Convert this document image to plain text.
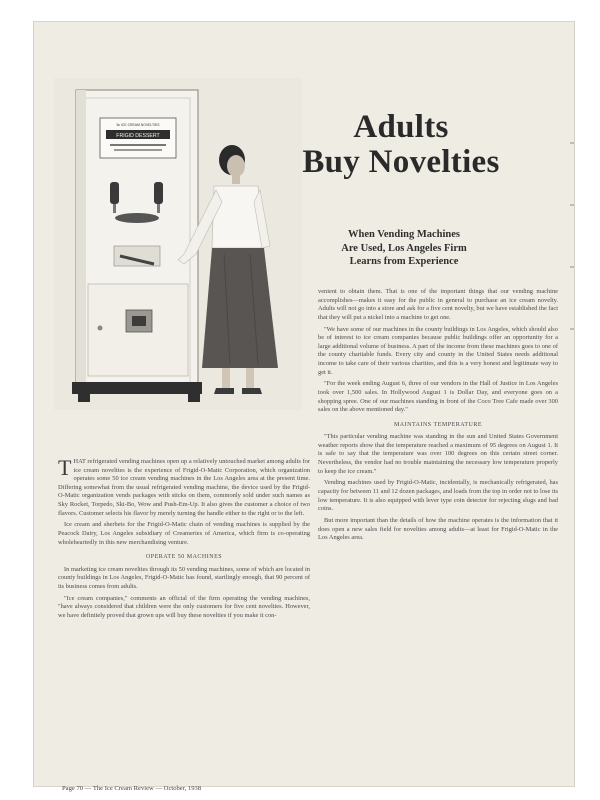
FRIGID DESSERT
5c ICE CREAM NOVELTIES	Adults
Buy Novelties
When Vending Machines
Are Used, Los Angeles Firm
Learns from Experience

THAT refrigerated vending machines open up a relatively untouched market among adults for ice cream novelties is the experience of Frigid-O-Matic Corporation, which organization operates some 50 ice cream vending machines in the Los Angeles area at the present time. Differing somewhat from the usual refrigerated vending machine, the device used by the Frigid-O-Matic organization vends packages with sticks on them, commonly sold under such names as Sky Rocket, Torpedo, Ski-Bo, Wow and Push-Em-Up. It also gives the customer a choice of two flavors. Customer selects his flavor by merely turning the handle either to the right or to the left.

Ice cream and sherbets for the Frigid-O-Matic chain of vending machines is supplied by the Peacock Dairy, Los Angeles subsidiary of Creameries of America, which firm is co-operating wholeheartedly in this new merchandising venture.

OPERATE 50 MACHINES

In marketing ice cream novelties through its 50 vending machines, some of which are located in county buildings in Los Angeles, Frigid-O-Matic has found, startlingly enough, that 90 percent of its business comes from adults.

"Ice cream companies," comments an official of the firm operating the vending machines, "have always considered that children were the only customers for five cent novelties. However, we have definitely proved that grown ups will buy these novelties if you make it con-

venient to obtain them. That is one of the important things that our vending machine accomplishes—makes it easy for the public in general to purchase an ice cream novelty. Adults will not go into a store and ask for a five cent novelty, but we have established the fact that they will put a nickel into a machine to get one.

"We have some of our machines in the county buildings in Los Angeles, which should also be of interest to ice cream companies because public buildings offer an opportunity for a large additional volume of business. A part of the income from these machines goes to one of the county charitable funds. Every city and county in the United States needs additional income to take care of their various charities, and this is a very honest and legitimate way to get it.

"For the week ending August 6, three of our vendors in the Hall of Justice in Los Angeles took over 1,500 sales. In Hollywood August 1 is Dollar Day, and everyone goes on a shopping spree. One of our machines standing in front of the Coco Tree Cafe made over 300 sales on the above mentioned day."

MAINTAINS TEMPERATURE

"This particular vending machine was standing in the sun and United States Government weather reports show that the temperature reached a maximum of 95 degrees on August 1. It is safe to say that the temperature was over 100 degrees on this certain street corner. Nevertheless, the vendor had no trouble maintaining the necessary low temperature properly to keep the ice cream."

Vending machines used by Frigid-O-Matic, incidentally, is mechanically refrigerated, has capacity for between 11 and 12 dozen packages, and loads from the top in order not to lose its low temperature. It is also equipped with lever type coin detector for rejecting slugs and bad coins.

But more important than the details of how the machine operates is the information that it does open a new sales field for novelties among adults—at least for Frigid-O-Matic in the Los Angeles area.

Page 70 — The Ice Cream Review — October, 1938
